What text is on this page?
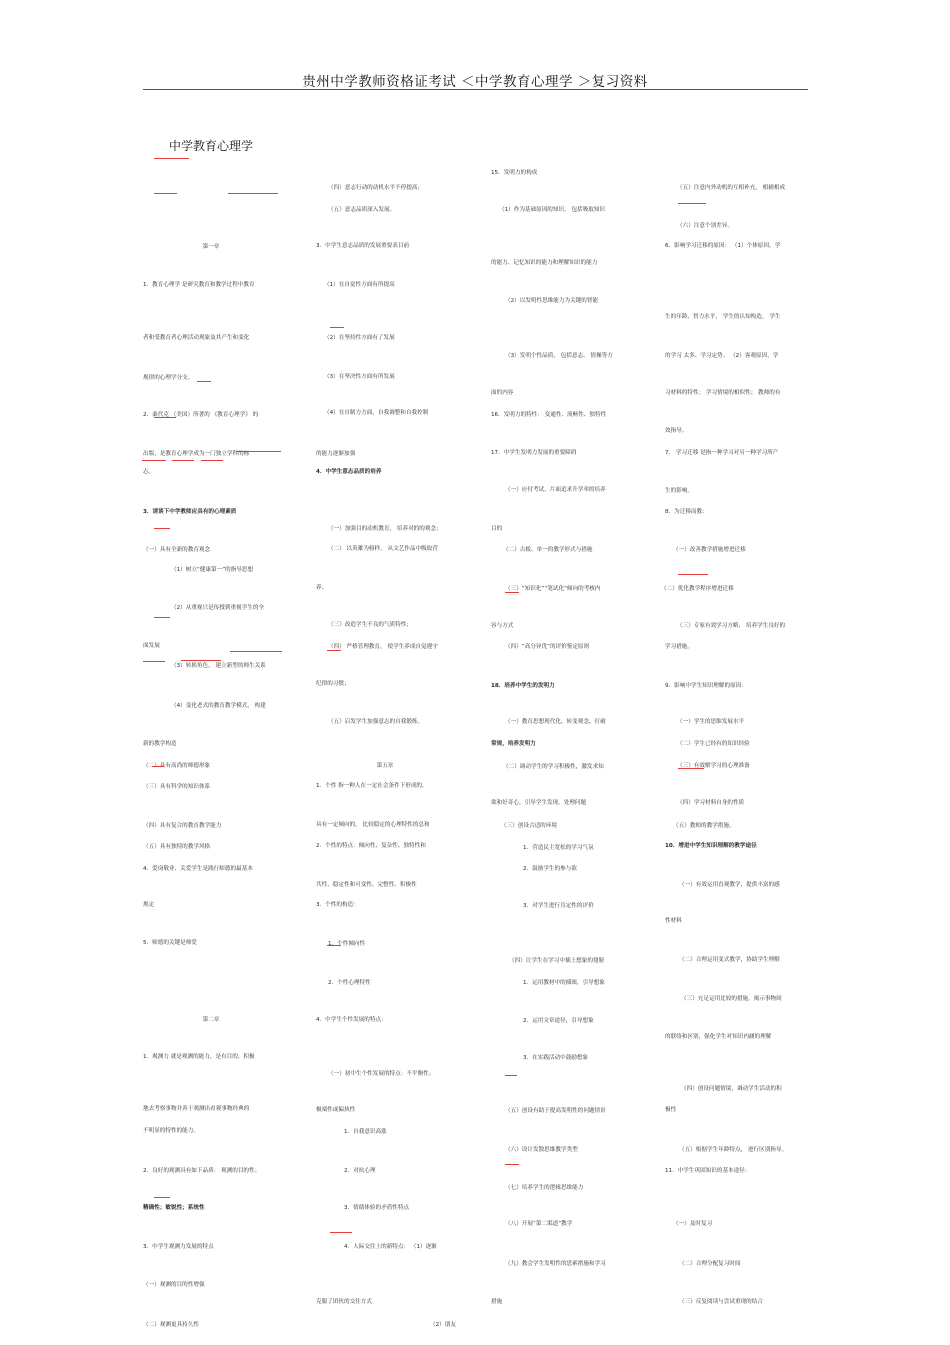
贵州中学教师资格证考试 ＜中学教育心理学 ＞复习资料
中学教育心理学
第一章
1．教育心理学 是研究教育和教学过程中教育
者和受教育者心理活动现象及其产生和变化
规律的心理学分支。
2．桑代克 （美国）所著的 《教育心理学》 的
出版，是教育心理学成为一门独立学科的标
志。
3．请谈下中学教师应具有的心理素质
（一）具有全新的教育观念
（1）树立“健康第一”的指导思想
（2）从重视只是传授到重视学生的全
面发展
（3）转换角色， 建立新型的师生关系
（4）变化老式的教育教学模式， 构建
新的教学构造
（二）具有高尚的师德形象
（三）具有科学的知识体系
（四）具有复合的教育教学能力
（五）具有独特的教学风格
4．爱岗敬业、关爱学生是践行师德的最基本
规定
5．师德的关键是师爱
第二章
1．观测力 就是观测的能力，是有目的、积极
地去考察事物并善于观测出看观事物经典的
不明显的特性的能力。
2．良好的观测具有如下品质： 观测的目的性；
精确性；敏锐性；系统性
3．中学生观测力发展的特点
（一）观测的目的性增强
（二）观测更具持久性
（四）意志行动的动机水平不停提高；
（五）意志品质深入发展。
3．中学生意志品质的发展重要表目前
（1）在自觉性方面有所提高
（2）在坚持性方面有了发展
（3）在坚决性方面有所发展
（4）在自制力方面，自我调整和自我控制
的能力逐渐加强
4．中学生意志品质的培养
（一）加强目的动机教育， 培养对的的观念；
（二） 以英雄为榜样， 从文艺作品中吸取营
养；
（三）改造学生不良的气质特性；
（四） 严格管理教育， 使学生养成自觉遵守
纪律的习惯；
（五）启发学生加强意志的自我锻炼。
第五章
1．个性 指一种人在一定社会条件下形成的，
具有一定倾向的， 比较稳定的心理特性的总和
2．个性的特点：倾向性、复杂性、独特性和
共性、稳定性和可变性、完整性、积极性
3．个性的构造：
1．个性倾向性
2．个性心理特性
4．中学生个性发展的特点：
（一）初中生个性发展的特点：不平衡性；
极端性或偏执性
1．自我意识高涨
2．对抗心理
3．情绪体验的矛盾性特点
4．人际交往上的新特点： （1）逐渐
克服了团伙的交往方式
（2）朋友
15．发明力的构成
（1）作为基础原因的知识， 包括吸取知识
的能力、记忆知识的能力和理解知识的能力
（2）以发明性思维能力为关键的智能
（3）发明个性品质， 包括意志、 情操等方
面的内容
16．发明力的特性： 变通性、流畅性、独特性
17．中学生发明力发展的重要障碍
（一）应付考试，片面追求升学率的培养
目的
（二）古板、单一的教学形式与措施
（三）“知识化”“笔试化”倾向的考核内
容与方式
（四）“高分异优”的评价鉴定原则
18．培养中学生的发明力
（一）教育思想现代化，转变观念，打破
常规，培养发明力
（二）调动学生的学习积极性，激发求知
欲和好奇心，引导学生发现、处理问题
（三）创设合适的环境
1．营造民主宽松的学习气氛
2．鼓励学生的参与欲
3．对学生进行肯定性的评价
（四）让学生在学习中插上想象的翅膀
1．运用教材中的插图，引导想象
2．运用文章途径，引导想象
3．在实践活动中鼓励想象
（五）创设有助于提高发明性的问题情景
（六）设计发散思维教学类型
（七）培养学生的逻辑思维能力
（八）开展“第二渠道”教学
（九）教会学生发明性的思索措施和学习
措施
（五）注意内外动机的互相补充， 相辅相成
（六）注意个别差异。
6．影响学习迁移的原因： （1）个体原因，学
生的年龄、智力水平， 学生的认知构造， 学生
的学习 太多、学习定势。 （2）客观原因，学
习材料的特性； 学习情境的相似性； 教师的有
效指导。
7． 学习迁移 是指一种学习对另一种学习所产
生的影响。
8．为迁移而教：
（一）改善教学措施增进迁移
（二）优化教学程序增进迁移
（三）专家有效学习方略， 培养学生良好的
学习措施。
9．影响中学生知识理解的原因：
（一）学生的思维发展水平
（二）学生已经有的知识经验
（三）有效解学习的心理准备
（四）学习材料自身的性质
（五）教师的教学措施。
10．增进中学生知识理解的教学途径
（一）有效运用直观教学，提供丰富的感
性材料
（二）合理运用变式教学，协助学生理解
（三）充足运用比较的措施，揭示事物间
的联络和区别，强化学生对知识内涵的理解
（四）创设问题情境，调动学生活动的积
极性
（五）根据学生年龄特点， 进行区别指导。
11．中学生巩固知识的基本途径：
（一）及时复习
（二）合理分配复习时间
（三）反复阅读与尝试重现的结合
